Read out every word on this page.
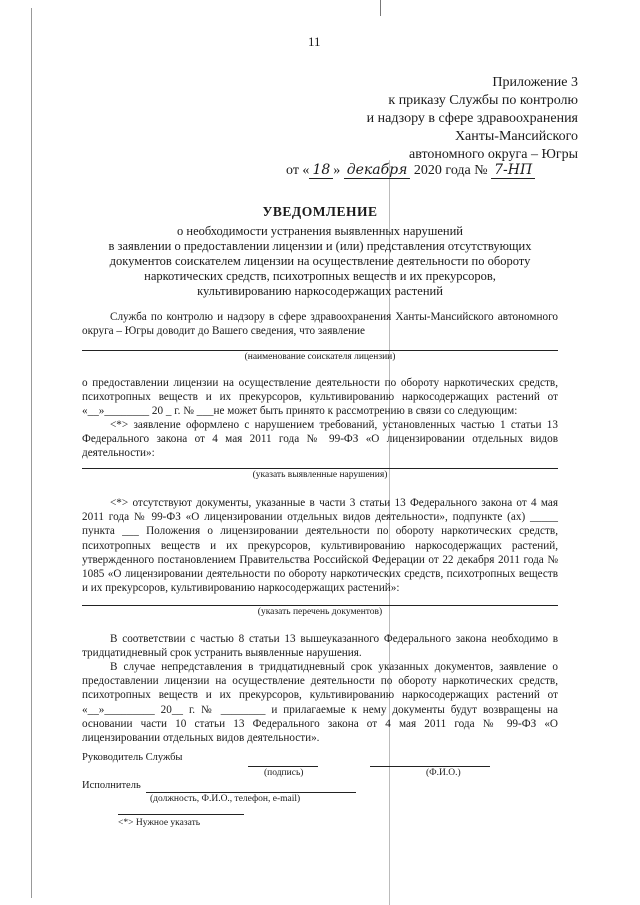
11
Приложение 3
к приказу Службы по контролю
и надзору в сфере здравоохранения
Ханты-Мансийского
автономного округа – Югры
от « 18 » декабря 2020 года № 7-НП
УВЕДОМЛЕНИЕ
о необходимости устранения выявленных нарушений
в заявлении о предоставлении лицензии и (или) представления отсутствующих
документов соискателем лицензии на осуществление деятельности по обороту
наркотических средств, психотропных веществ и их прекурсоров,
культивированию наркосодержащих растений
Служба по контролю и надзору в сфере здравоохранения Ханты-Мансийского автономного округа – Югры доводит до Вашего сведения, что заявление
(наименование соискателя лицензии)
о предоставлении лицензии на осуществление деятельности по обороту наркотических средств, психотропных веществ и их прекурсоров, культивированию наркосодержащих растений от «__»________ 20 _ г. № ___не может быть принято к рассмотрению в связи со следующим:
<*> заявление оформлено с нарушением требований, установленных частью 1 статьи 13 Федерального закона от 4 мая 2011 года № 99-ФЗ «О лицензировании отдельных видов деятельности»:
(указать выявленные нарушения)
<*> отсутствуют документы, указанные в части 3 статьи 13 Федерального закона от 4 мая 2011 года № 99-ФЗ «О лицензировании отдельных видов деятельности», подпункте (ах) _____ пункта ___ Положения о лицензировании деятельности по обороту наркотических средств, психотропных веществ и их прекурсоров, культивированию наркосодержащих растений, утвержденного постановлением Правительства Российской Федерации от 22 декабря 2011 года № 1085 «О лицензировании деятельности по обороту наркотических средств, психотропных веществ и их прекурсоров, культивированию наркосодержащих растений»:
(указать перечень документов)
В соответствии с частью 8 статьи 13 вышеуказанного Федерального закона необходимо в тридцатидневный срок устранить выявленные нарушения.
В случае непредставления в тридцатидневный срок указанных документов, заявление о предоставлении лицензии на осуществление деятельности по обороту наркотических средств, психотропных веществ и их прекурсоров, культивированию наркосодержащих растений от «__»_________ 20__ г. № ________ и прилагаемые к нему документы будут возвращены на основании части 10 статьи 13 Федерального закона от 4 мая 2011 года № 99-ФЗ «О лицензировании отдельных видов деятельности».
Руководитель Службы
(подпись)	(Ф.И.О.)
Исполнитель
(должность, Ф.И.О., телефон, e-mail)
<*> Нужное указать
